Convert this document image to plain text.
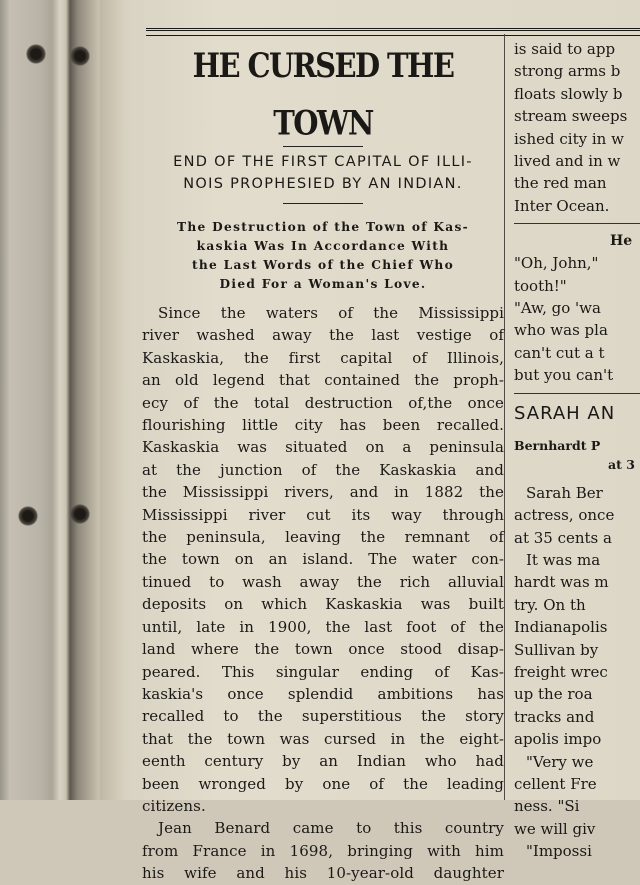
HE CURSED THE TOWN
END OF THE FIRST CAPITAL OF ILLI-
NOIS PROPHESIED BY AN INDIAN.
The Destruction of the Town of Kas-
kaskia Was In Accordance With
the Last Words of the Chief Who
Died For a Woman's Love.
Since the waters of the Mississippi
river washed away the last vestige of
Kaskaskia, the first capital of Illinois,
an old legend that contained the proph-
ecy of the total destruction of,the once
flourishing little city has been recalled.
Kaskaskia was situated on a peninsula
at the junction of the Kaskaskia and
the Mississippi rivers, and in 1882 the
Mississippi river cut its way through
the peninsula, leaving the remnant of
the town on an island. The water con-
tinued to wash away the rich alluvial
deposits on which Kaskaskia was built
until, late in 1900, the last foot of the
land where the town once stood disap-
peared. This singular ending of Kas-
kaskia's once splendid ambitions has
recalled to the superstitious the story
that the town was cursed in the eight-
eenth century by an Indian who had
been wronged by one of the leading
citizens.
Jean Benard came to this country
from France in 1698, bringing with him
his wife and his 10-year-old daughter
is said to app
strong arms b
floats slowly b
stream sweeps
ished city in w
lived and in w
the red man
Inter Ocean.
He
"Oh, John,"
tooth!"
"Aw, go 'wa
who was pla
can't cut a t
but you can't
SARAH AN
Bernhardt P
at 3
Sarah Ber
actress, once
at 35 cents a
It was ma
hardt was m
try. On th
Indianapolis
Sullivan by
freight wrec
up the roa
tracks and
apolis impo
"Very we
cellent Fre
ness. "Si
we will giv
"Impossi
